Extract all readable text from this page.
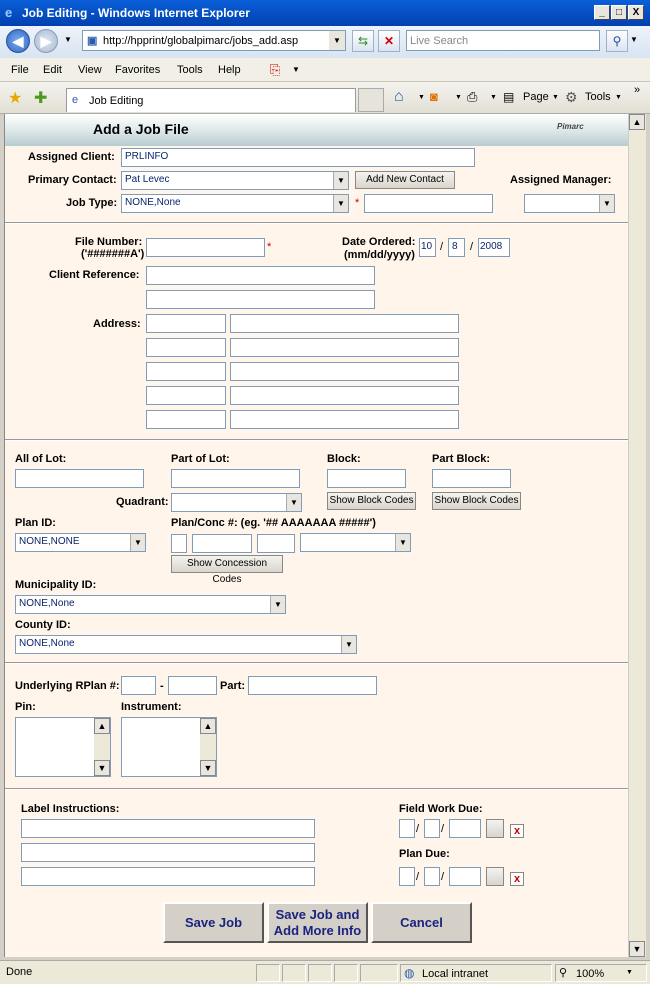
e Job Editing - Windows Internet Explorer	_	□	X
◀	▶	▼ ▣ http://hpprint/globalpimarc/jobs_add.asp	▼	⇆	✕	Live Search	⚲	▼
File Edit View Favorites Tools Help ⎘ ▼
★ ✚ e Job Editing	⌂ ▼ ◙ ▼ ⎙ ▼ ▤ Page ▼ ⚙ Tools ▼
»
Add a Job File	Pimarc
Assigned Client:	PRLINFO
Primary Contact: Pat Levec	▼	Add New Contact	Assigned Manager:
Job Type: NONE,None	▼ *	▼
File Number:
('#######A')
*	Date Ordered:
(mm/dd/yyyy)
10 / 8	/ 2008
Client Reference:
Address:
All of Lot:	Part of Lot:	Block:	Part Block:
Quadrant:	▼	Show Block Codes Show Block Codes
Plan ID:
NONE,NONE	▼
Plan/Conc #: (eg. '## AAAAAAA #####')
▼
Show Concession Codes
Municipality ID:
NONE,None	▼
County ID:
NONE,None	▼
Underlying RPlan #:	-	Part:
Pin:
▲
▼
Instrument:
▲
▼
Label Instructions:	Field Work Due:
/ /	x
Plan Due:
/ /	x
Save Job
Save Job and
Add More Info
Cancel
▲
▼
Done	◍ Local intranet	⚲ 100%	▼
